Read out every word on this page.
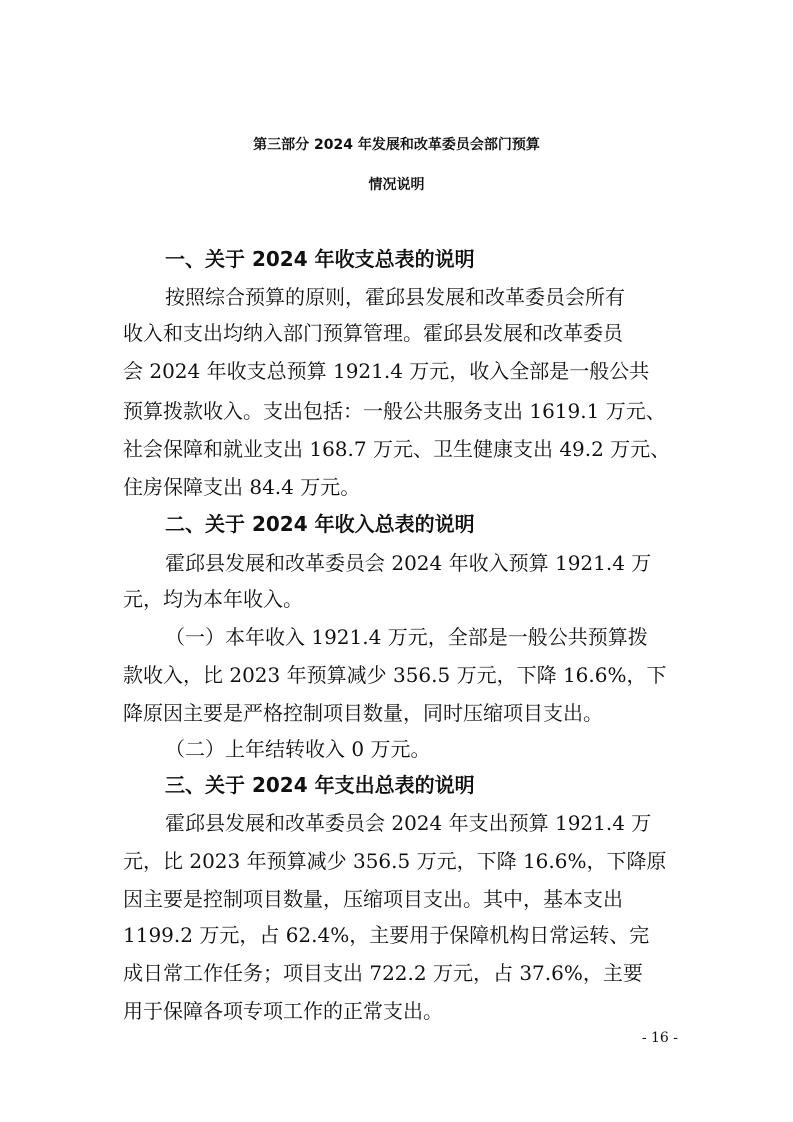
第三部分 2024 年发展和改革委员会部门预算
情况说明
一、关于 2024 年收支总表的说明
按照综合预算的原则，霍邱县发展和改革委员会所有
收入和支出均纳入部门预算管理。霍邱县发展和改革委员
会 2024 年收支总预算 1921.4 万元，收入全部是一般公共
预算拨款收入。支出包括：一般公共服务支出 1619.1 万元、
社会保障和就业支出 168.7 万元、卫生健康支出 49.2 万元、
住房保障支出 84.4 万元。
二、关于 2024 年收入总表的说明
霍邱县发展和改革委员会 2024 年收入预算 1921.4 万
元，均为本年收入。
（一）本年收入 1921.4 万元，全部是一般公共预算拨
款收入，比 2023 年预算减少 356.5 万元，下降 16.6%，下
降原因主要是严格控制项目数量，同时压缩项目支出。
（二）上年结转收入 0 万元。
三、关于 2024 年支出总表的说明
霍邱县发展和改革委员会 2024 年支出预算 1921.4 万
元，比 2023 年预算减少 356.5 万元，下降 16.6%，下降原
因主要是控制项目数量，压缩项目支出。其中，基本支出
1199.2 万元，占 62.4%，主要用于保障机构日常运转、完
成日常工作任务；项目支出 722.2 万元，占 37.6%，主要
用于保障各项专项工作的正常支出。
- 16 -
